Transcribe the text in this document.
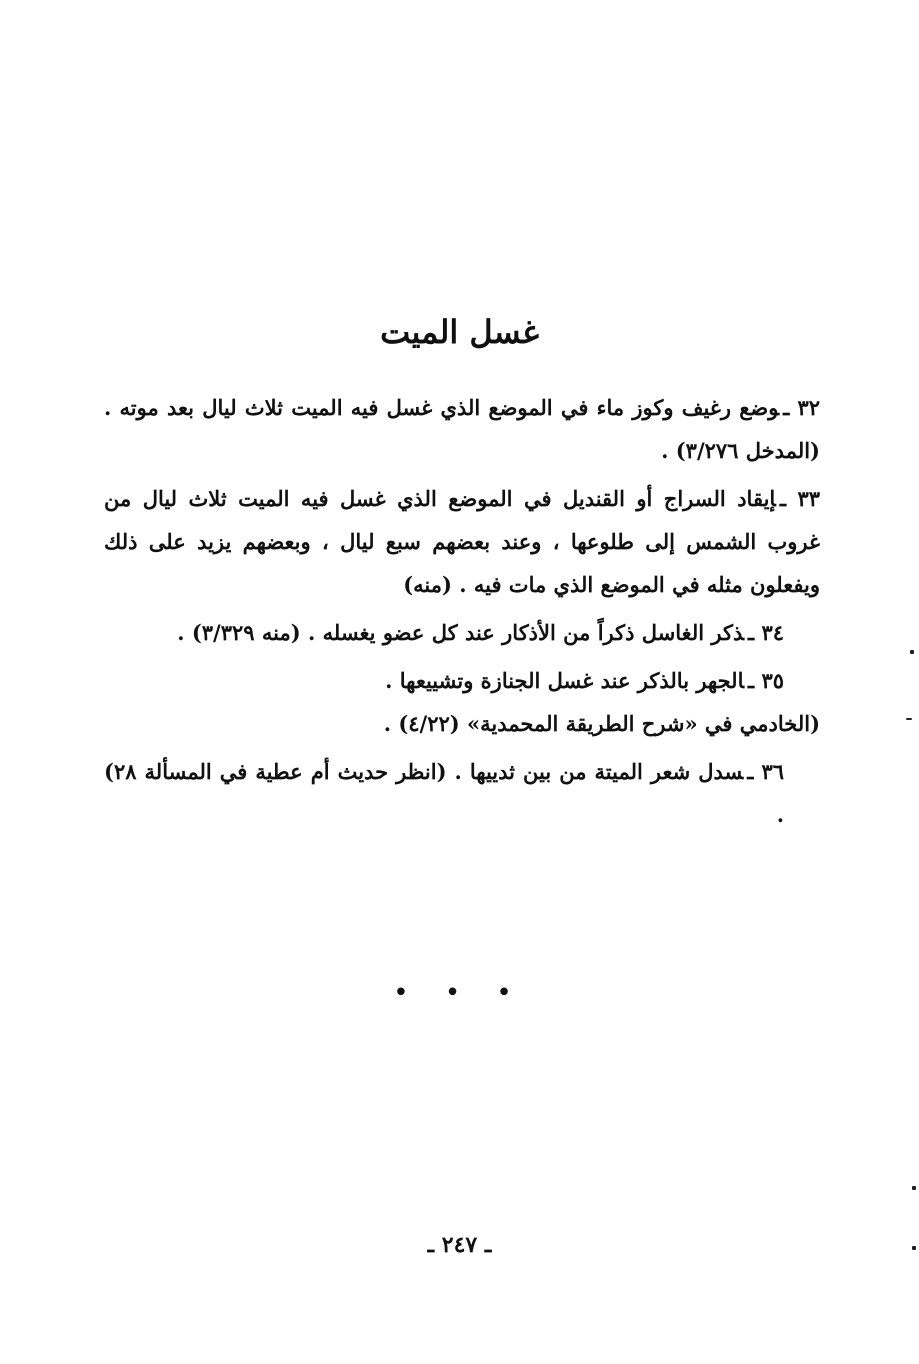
غسل الميت

٣٢ ـوضع رغيف وكوز ماء في الموضع الذي غسل فيه الميت ثلاث ليال بعد موته . (المدخل ٣/٢٧٦) .

٣٣ ـإيقاد السراج أو القنديل في الموضع الذي غسل فيه الميت ثلاث ليال من غروب الشمس إلى طلوعها ، وعند بعضهم سبع ليال ، وبعضهم يزيد على ذلك ويفعلون مثله في الموضع الذي مات فيه . (منه)

٣٤ ـذكر الغاسل ذكراً من الأذكار عند كل عضو يغسله . (منه ٣/٣٢٩) .

٣٥ ـالجهر بالذكر عند غسل الجنازة وتشييعها .

(الخادمي في «شرح الطريقة المحمدية» (٤/٢٢) .

٣٦ ـسدل شعر الميتة من بين ثدييها . (انظر حديث أم عطية في المسألة ٢٨) .

• • •
ـ ٢٤٧ ـ
